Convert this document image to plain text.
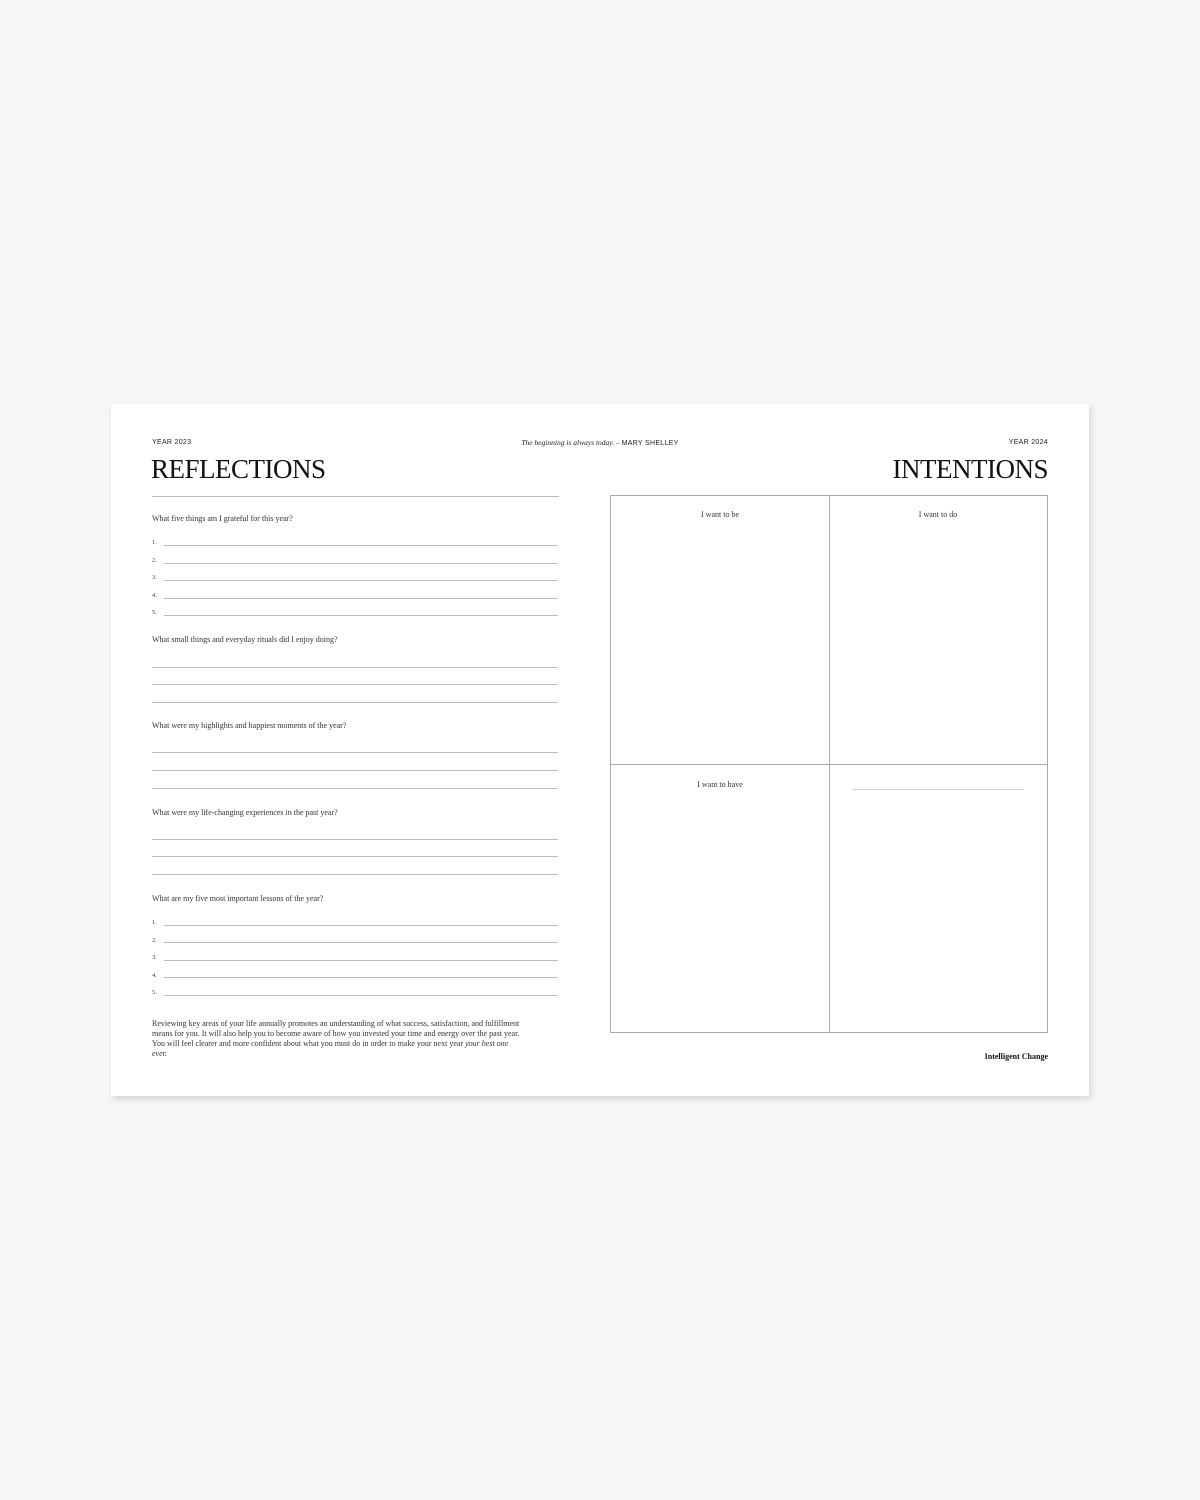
YEAR 2023	The beginning is always today. – MARY SHELLEY	YEAR 2024
REFLECTIONS	INTENTIONS
What five things am I grateful for this year?
1.
2.
3.
4.
5.
What small things and everyday rituals did I enjoy doing?
What were my highlights and happiest moments of the year?
What were my life-changing experiences in the past year?
What are my five most important lessons of the year?
1.
2.
3.
4.
5.
Reviewing key areas of your life annually promotes an understanding of what success, satisfaction, and fulfillment means for you. It will also help you to become aware of how you invested your time and energy over the past year. You will feel clearer and more confident about what you must do in order to make your next year your best one ever.
I want to be	I want to do
I want to have
Intelligent Change
